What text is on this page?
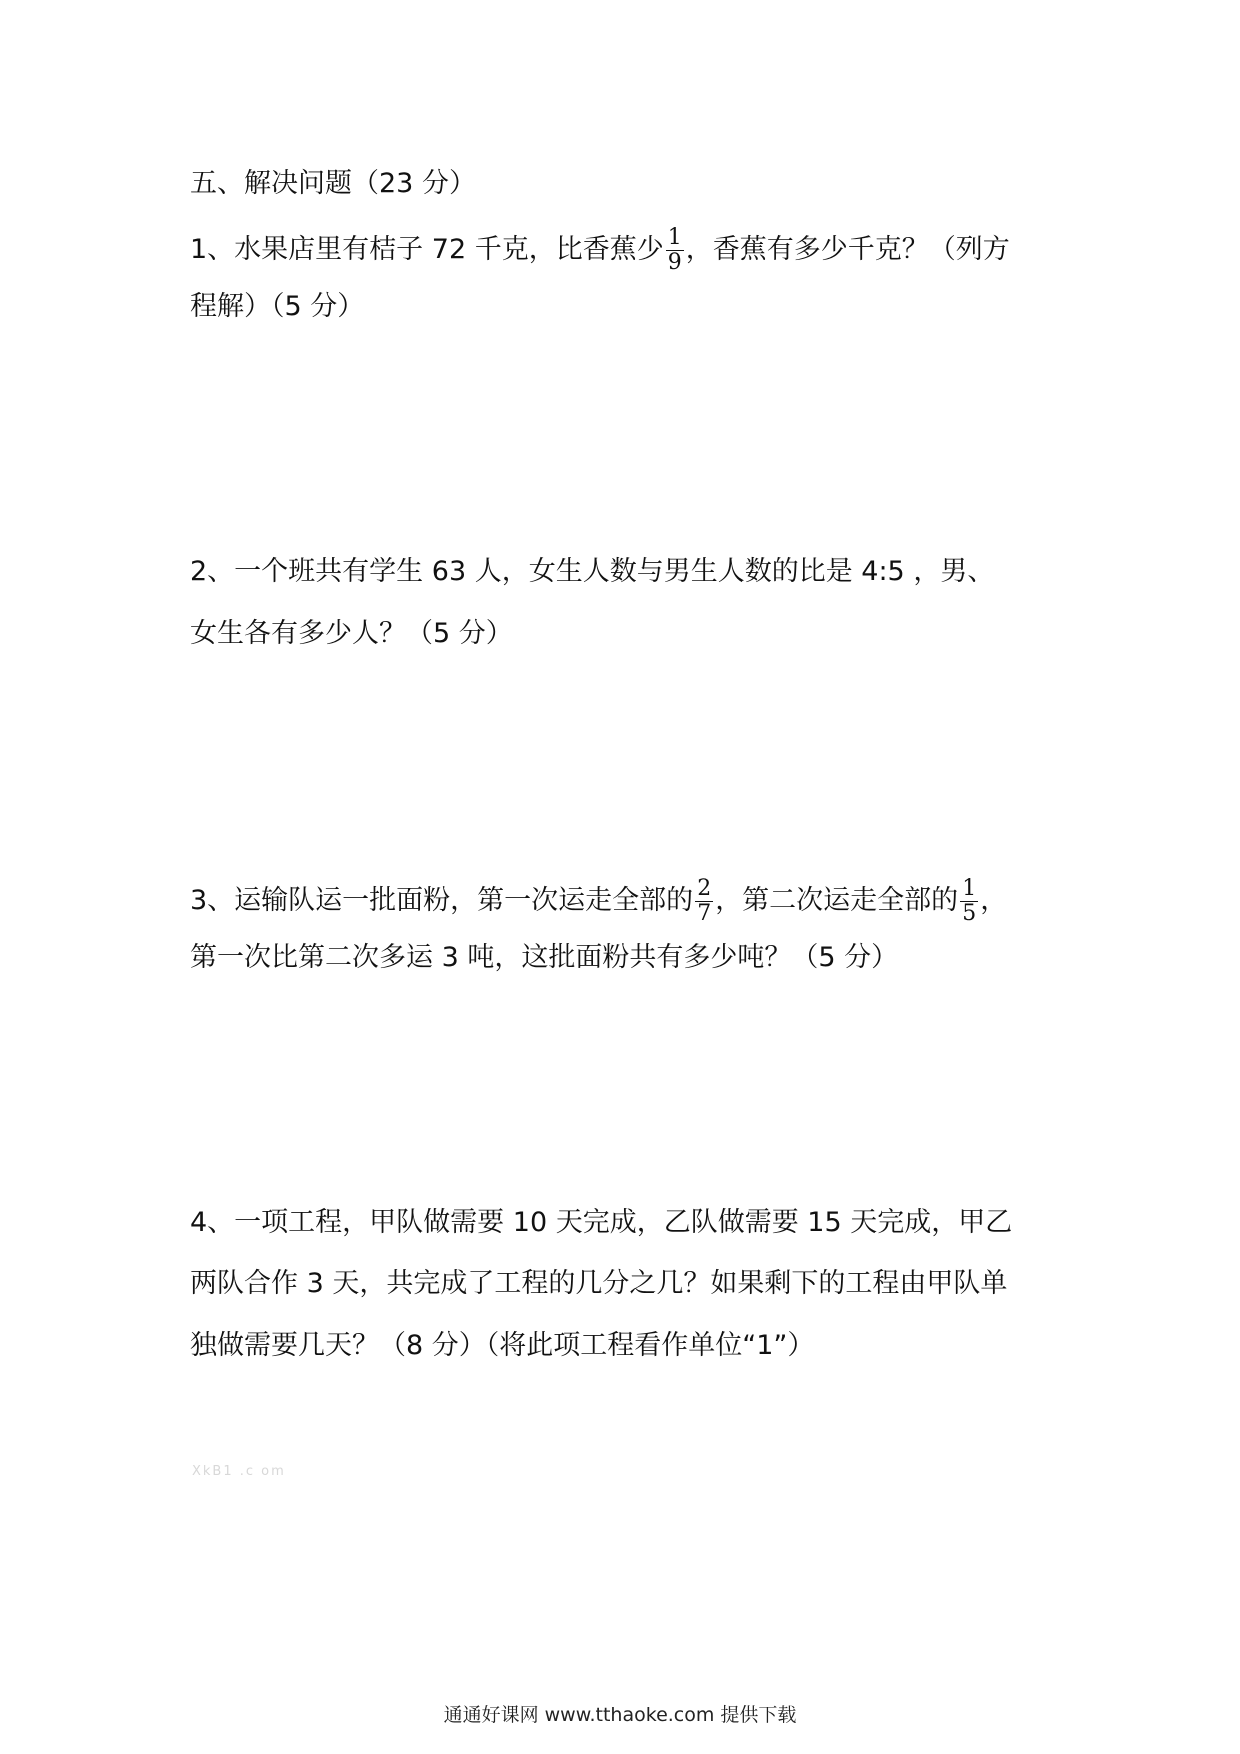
五、解决问题（23 分）
1、水果店里有桔子 72 千克，比香蕉少 $\frac{1}{9}$ ，香蕉有多少千克？（列方
程解）（5 分）
2、一个班共有学生 63 人，女生人数与男生人数的比是 4:5 ，男、
女生各有多少人？（5 分）
3、运输队运一批面粉，第一次运走全部的 $\frac{2}{7}$ ，第二次运走全部的 $\frac{1}{5}$ ，
第一次比第二次多运 3 吨，这批面粉共有多少吨？（5 分）
4、一项工程，甲队做需要 10 天完成，乙队做需要 15 天完成，甲乙
两队合作 3 天，共完成了工程的几分之几？如果剩下的工程由甲队单
独做需要几天？（8 分）（将此项工程看作单位“1”）
XkB1 .c om
通通好课网 www.tthaoke.com 提供下载
